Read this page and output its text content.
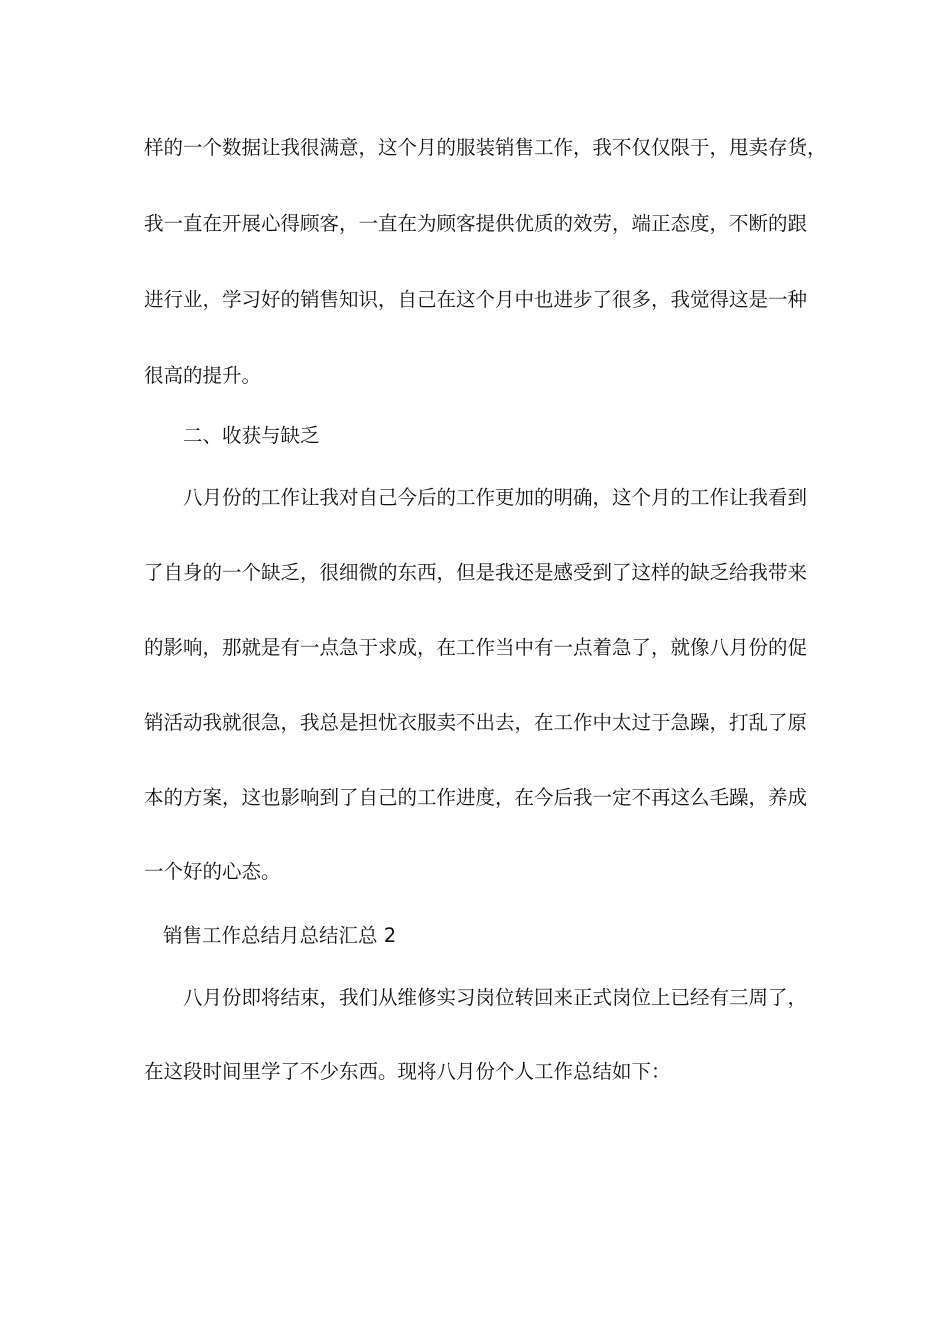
样的一个数据让我很满意，这个月的服装销售工作，我不仅仅限于，甩卖存货，
我一直在开展心得顾客，一直在为顾客提供优质的效劳，端正态度，不断的跟
进行业，学习好的销售知识，自己在这个月中也进步了很多，我觉得这是一种
很高的提升。
二、收获与缺乏
八月份的工作让我对自己今后的工作更加的明确，这个月的工作让我看到
了自身的一个缺乏，很细微的东西，但是我还是感受到了这样的缺乏给我带来
的影响，那就是有一点急于求成，在工作当中有一点着急了，就像八月份的促
销活动我就很急，我总是担忧衣服卖不出去，在工作中太过于急躁，打乱了原
本的方案，这也影响到了自己的工作进度，在今后我一定不再这么毛躁，养成
一个好的心态。
销售工作总结月总结汇总 2
八月份即将结束，我们从维修实习岗位转回来正式岗位上已经有三周了，
在这段时间里学了不少东西。现将八月份个人工作总结如下：
